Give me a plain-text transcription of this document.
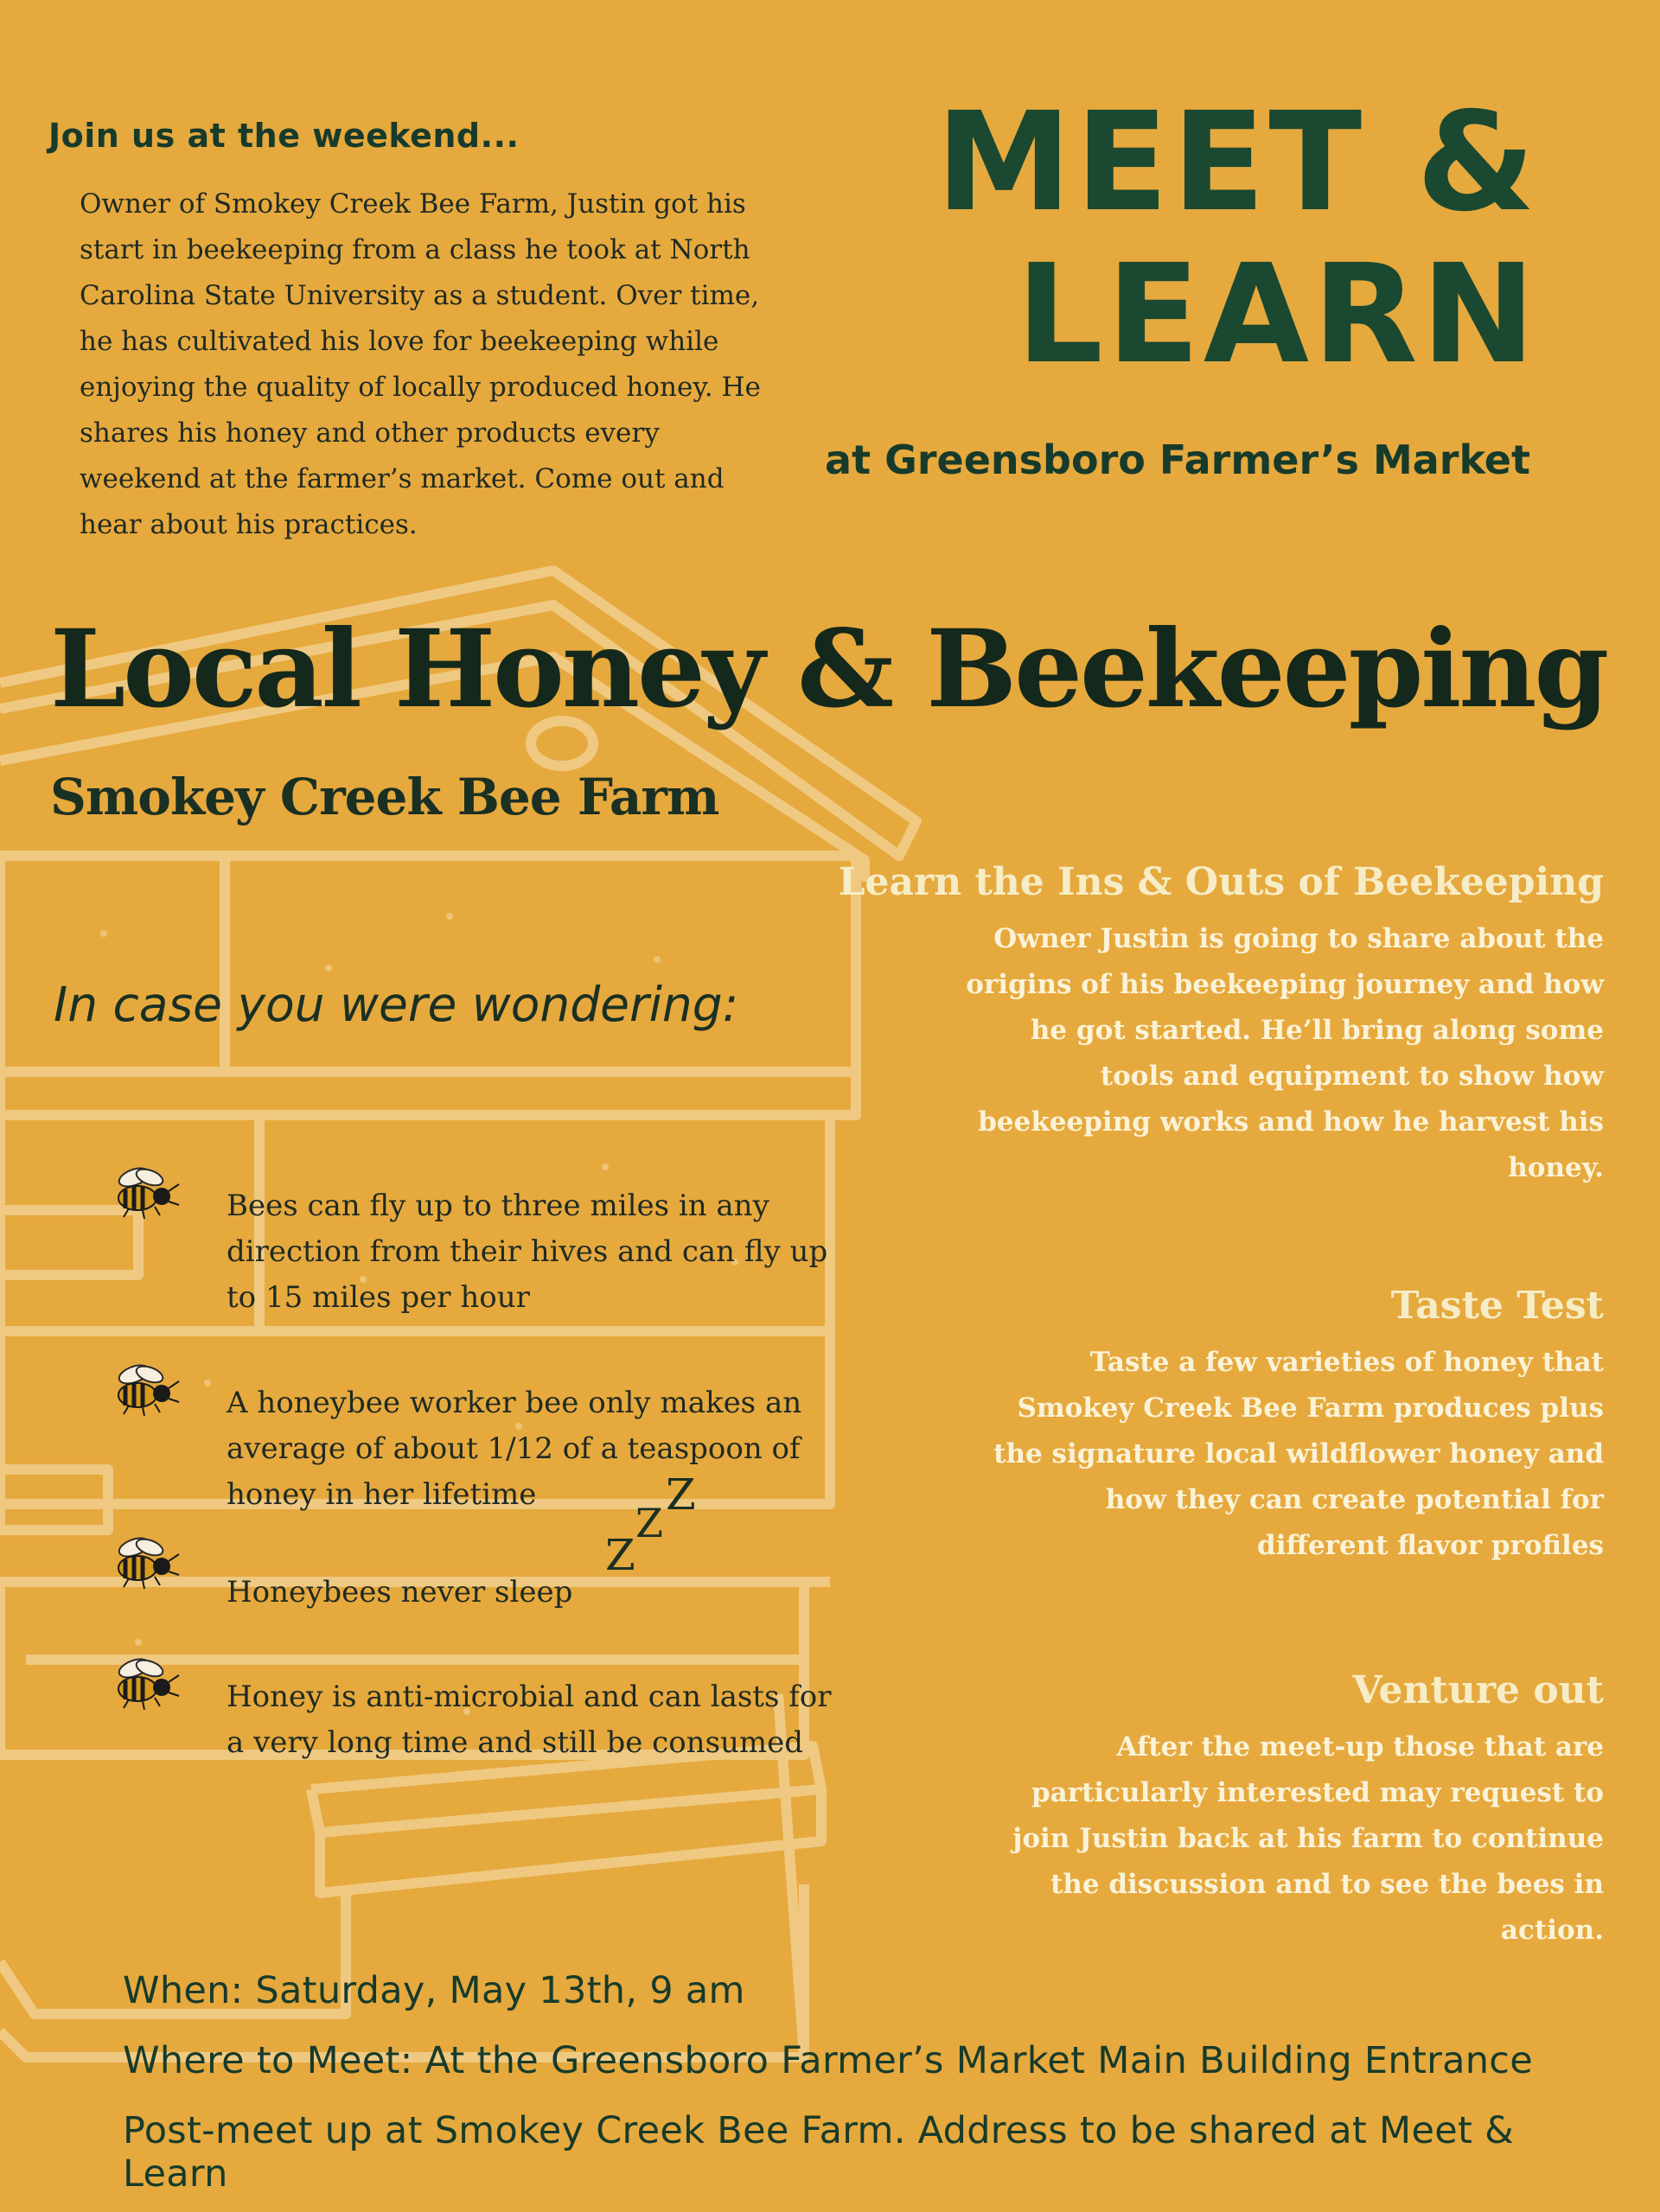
Join us at the weekend...

Owner of Smokey Creek Bee Farm, Justin got his start in beekeeping from a class he took at North Carolina State University as a student. Over time, he has cultivated his love for beekeeping while enjoying the quality of locally produced honey. He shares his honey and other products every weekend at the farmer’s market. Come out and hear about his practices.

MEET &
LEARN

at Greensboro Farmer’s Market

Local Honey & Beekeeping
Smokey Creek Bee Farm

In case you were wondering:

Bees can fly up to three miles in any direction from their hives and can fly up to 15 miles per hour

A honeybee worker bee only makes an average of about 1/12 of a teaspoon of honey in her lifetime

Honeybees never sleep

Honey is anti-microbial and can lasts for a very long time and still be consumed

Z
Z
Z
Learn the Ins & Outs of Beekeeping
Owner Justin is going to share about the origins of his beekeeping journey and how he got started. He’ll bring along some tools and equipment to show how beekeeping works and how he harvest his honey.
Taste Test
Taste a few varieties of honey that Smokey Creek Bee Farm produces plus the signature local wildflower honey and how they can create potential for different flavor profiles
Venture out
After the meet-up those that are particularly interested may request to join Justin back at his farm to continue the discussion and to see the bees in action.

When: Saturday, May 13th, 9 am

Where to Meet: At the Greensboro Farmer’s Market Main Building Entrance

Post-meet up at Smokey Creek Bee Farm. Address to be shared at Meet & Learn
